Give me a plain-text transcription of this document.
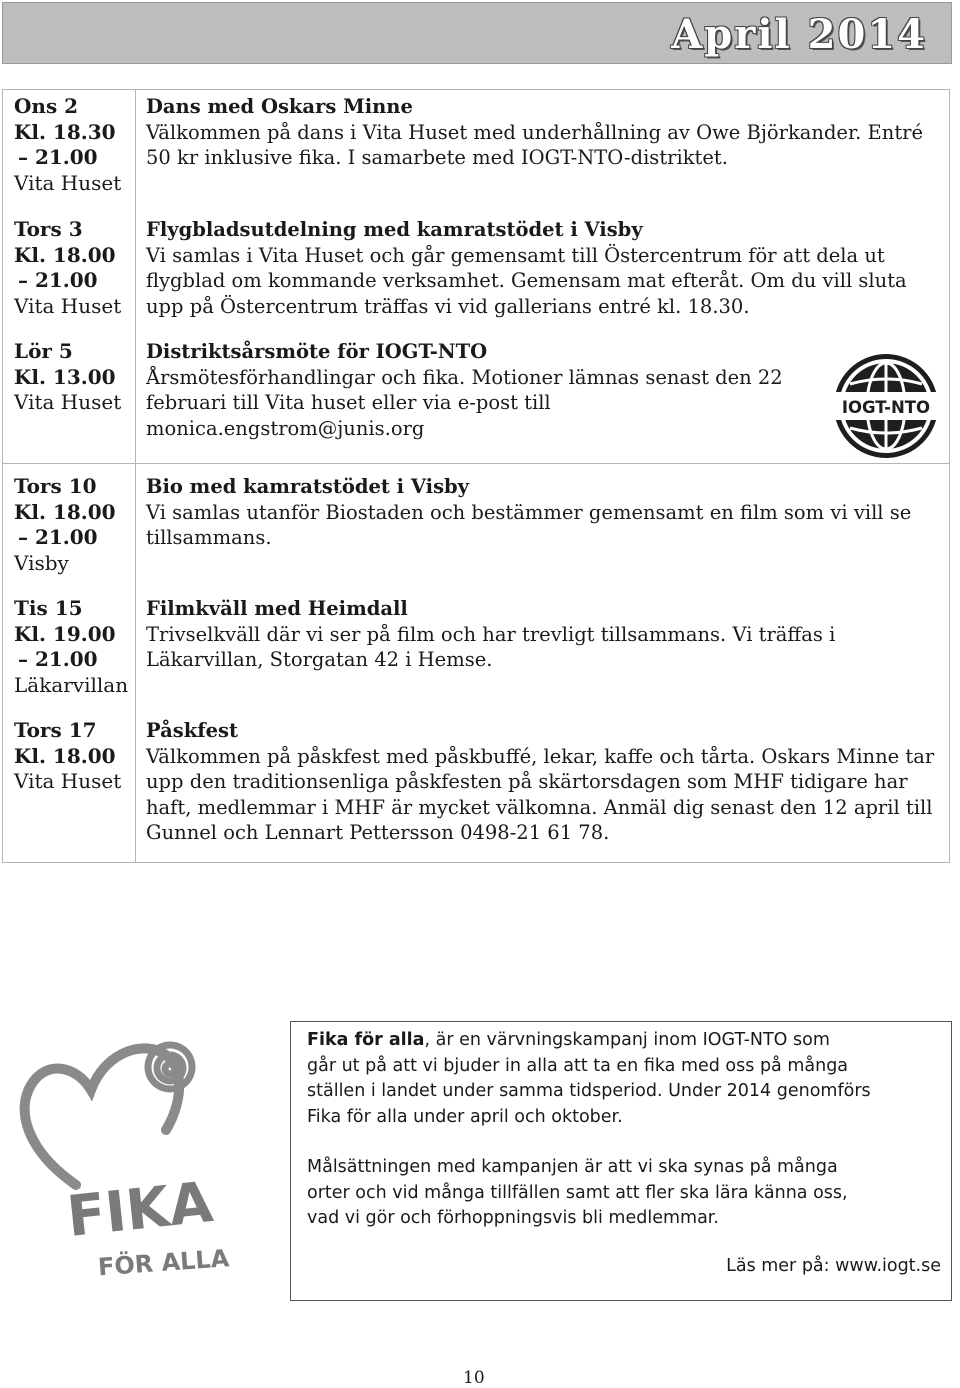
April 2014
Ons 2
Kl. 18.30
– 21.00
Vita Huset
Dans med Oskars Minne
Välkommen på dans i Vita Huset med underhållning av Owe Björkander. Entré
50 kr inklusive fika. I samarbete med IOGT-NTO-distriktet.
Tors 3
Kl. 18.00
– 21.00
Vita Huset
Flygbladsutdelning med kamratstödet i Visby
Vi samlas i Vita Huset och går gemensamt till Östercentrum för att dela ut
flygblad om kommande verksamhet. Gemensam mat efteråt. Om du vill sluta
upp på Östercentrum träffas vi vid gallerians entré kl. 18.30.
Lör 5
Kl. 13.00
Vita Huset
Distriktsårsmöte för IOGT-NTO
Årsmötesförhandlingar och fika. Motioner lämnas senast den 22
februari till Vita huset eller via e-post till
monica.engstrom@junis.org
Tors 10
Kl. 18.00
– 21.00
Visby
Bio med kamratstödet i Visby
Vi samlas utanför Biostaden och bestämmer gemensamt en film som vi vill se
tillsammans.
Tis 15
Kl. 19.00
– 21.00
Läkarvillan
Filmkväll med Heimdall
Trivselkväll där vi ser på film och har trevligt tillsammans. Vi träffas i
Läkarvillan, Storgatan 42 i Hemse.
Tors 17
Kl. 18.00
Vita Huset
Påskfest
Välkommen på påskfest med påskbuffé, lekar, kaffe och tårta. Oskars Minne tar
upp den traditionsenliga påskfesten på skärtorsdagen som MHF tidigare har
haft, medlemmar i MHF är mycket välkomna. Anmäl dig senast den 12 april till
Gunnel och Lennart Pettersson 0498-21 61 78.
IOGT-NTO
FIKA
FÖR ALLA

Fika för alla, är en värvningskampanj inom IOGT-NTO som
går ut på att vi bjuder in alla att ta en fika med oss på många
ställen i landet under samma tidsperiod. Under 2014 genomförs
Fika för alla under april och oktober.

Målsättningen med kampanjen är att vi ska synas på många
orter och vid många tillfällen samt att fler ska lära känna oss,
vad vi gör och förhoppningsvis bli medlemmar.

Läs mer på: www.iogt.se

10
